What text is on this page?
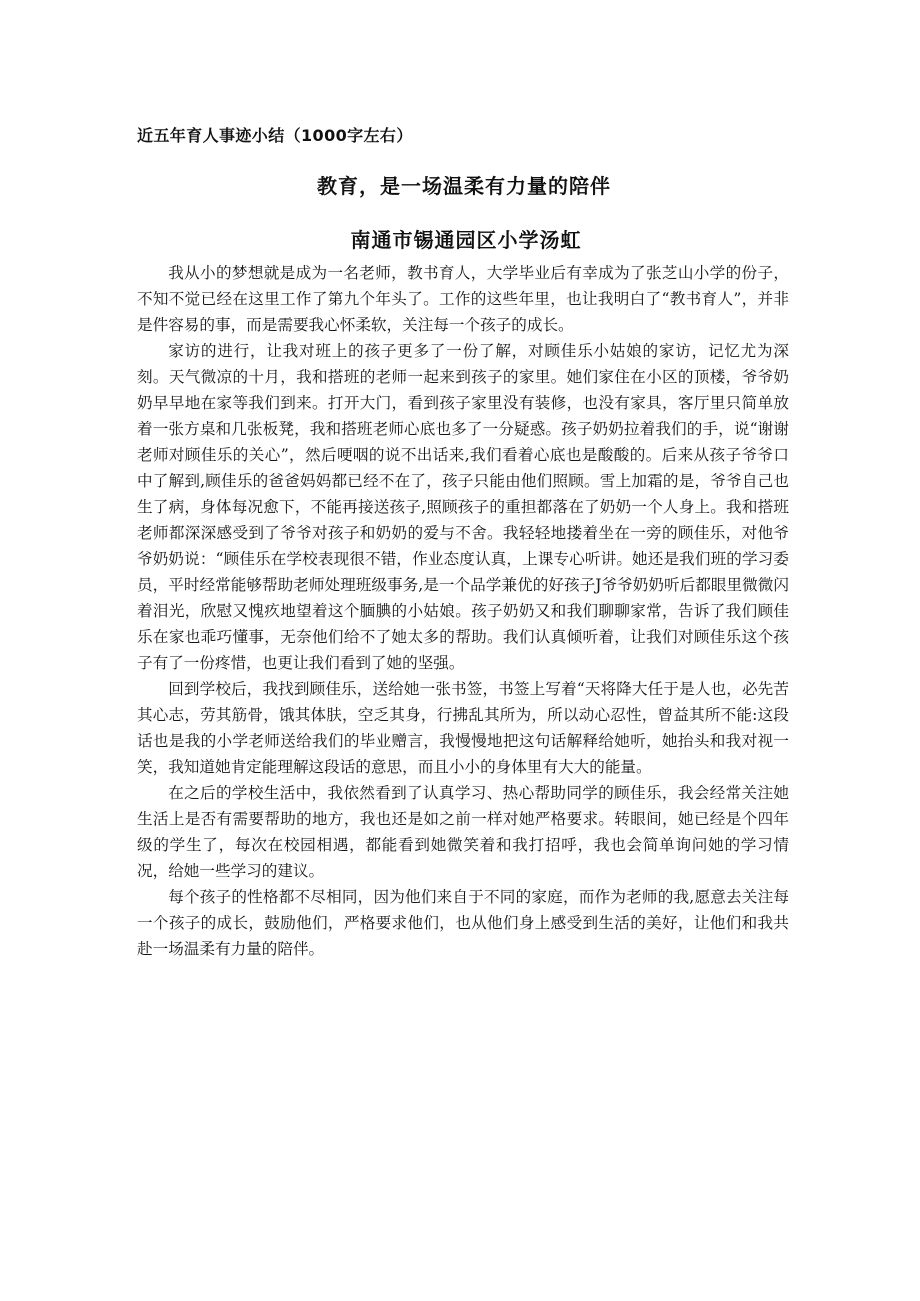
近五年育人事迹小结（1000字左右）
教育，是一场温柔有力量的陪伴
南通市锡通园区小学汤虹

我从小的梦想就是成为一名老师，教书育人，大学毕业后有幸成为了张芝山小学的份子，不知不觉已经在这里工作了第九个年头了。工作的这些年里，也让我明白了“教书育人”，并非是件容易的事，而是需要我心怀柔软，关注每一个孩子的成长。

家访的进行，让我对班上的孩子更多了一份了解，对顾佳乐小姑娘的家访，记忆尤为深刻。天气微凉的十月，我和搭班的老师一起来到孩子的家里。她们家住在小区的顶楼，爷爷奶奶早早地在家等我们到来。打开大门，看到孩子家里没有装修，也没有家具，客厅里只简单放着一张方桌和几张板凳，我和搭班老师心底也多了一分疑惑。孩子奶奶拉着我们的手，说“谢谢老师对顾佳乐的关心”，然后哽咽的说不出话来,我们看着心底也是酸酸的。后来从孩子爷爷口中了解到,顾佳乐的爸爸妈妈都已经不在了，孩子只能由他们照顾。雪上加霜的是，爷爷自己也生了病，身体每况愈下，不能再接送孩子,照顾孩子的重担都落在了奶奶一个人身上。我和搭班老师都深深感受到了爷爷对孩子和奶奶的爱与不舍。我轻轻地搂着坐在一旁的顾佳乐，对他爷爷奶奶说：“顾佳乐在学校表现很不错，作业态度认真，上课专心听讲。她还是我们班的学习委员，平时经常能够帮助老师处理班级事务,是一个品学兼优的好孩子J爷爷奶奶听后都眼里微微闪着泪光，欣慰又愧疚地望着这个腼腆的小姑娘。孩子奶奶又和我们聊聊家常，告诉了我们顾佳乐在家也乖巧懂事，无奈他们给不了她太多的帮助。我们认真倾听着，让我们对顾佳乐这个孩子有了一份疼惜，也更让我们看到了她的坚强。

回到学校后，我找到顾佳乐，送给她一张书签，书签上写着“天将降大任于是人也，必先苦其心志，劳其筋骨，饿其体肤，空乏其身，行拂乱其所为，所以动心忍性，曾益其所不能:这段话也是我的小学老师送给我们的毕业赠言，我慢慢地把这句话解释给她听，她抬头和我对视一笑，我知道她肯定能理解这段话的意思，而且小小的身体里有大大的能量。

在之后的学校生活中，我依然看到了认真学习、热心帮助同学的顾佳乐，我会经常关注她生活上是否有需要帮助的地方，我也还是如之前一样对她严格要求。转眼间，她已经是个四年级的学生了，每次在校园相遇，都能看到她微笑着和我打招呼，我也会简单询问她的学习情况，给她一些学习的建议。

每个孩子的性格都不尽相同，因为他们来自于不同的家庭，而作为老师的我,愿意去关注每一个孩子的成长，鼓励他们，严格要求他们，也从他们身上感受到生活的美好，让他们和我共赴一场温柔有力量的陪伴。
